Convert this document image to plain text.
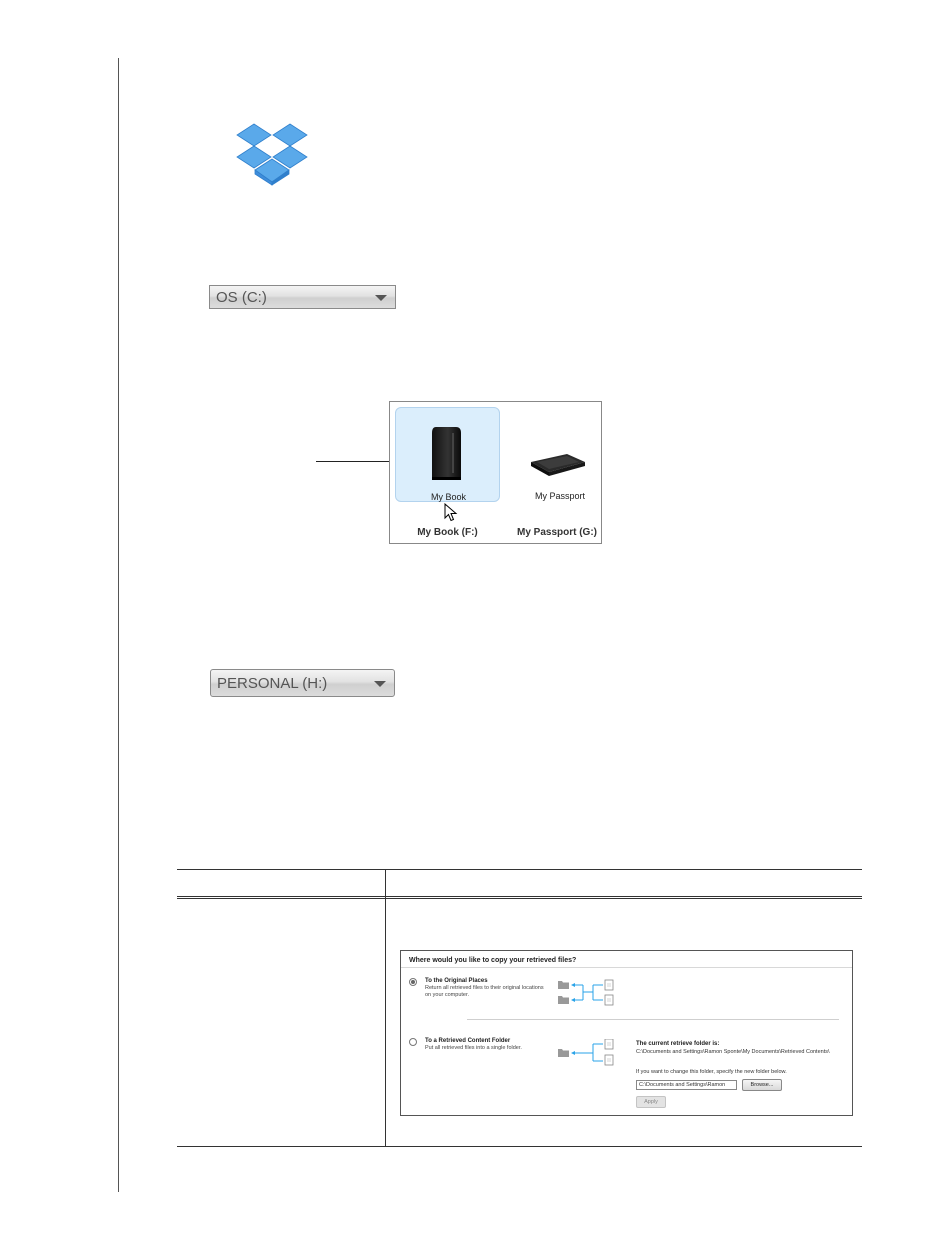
OS (C:)
My Book	My Passport
My Book (F:)	My Passport (G:)
PERSONAL (H:)
Where would you like to copy your retrieved files?
To the Original Places
Return all retrieved files to their original locations on your computer.
To a Retrieved Content Folder
Put all retrieved files into a single folder.
The current retrieve folder is:
C:\Documents and Settings\Ramon Sponte\My Documents\Retrieved Contents\
If you want to change this folder, specify the new folder below.
C:\Documents and Settings\Ramon	Browse...
Apply
